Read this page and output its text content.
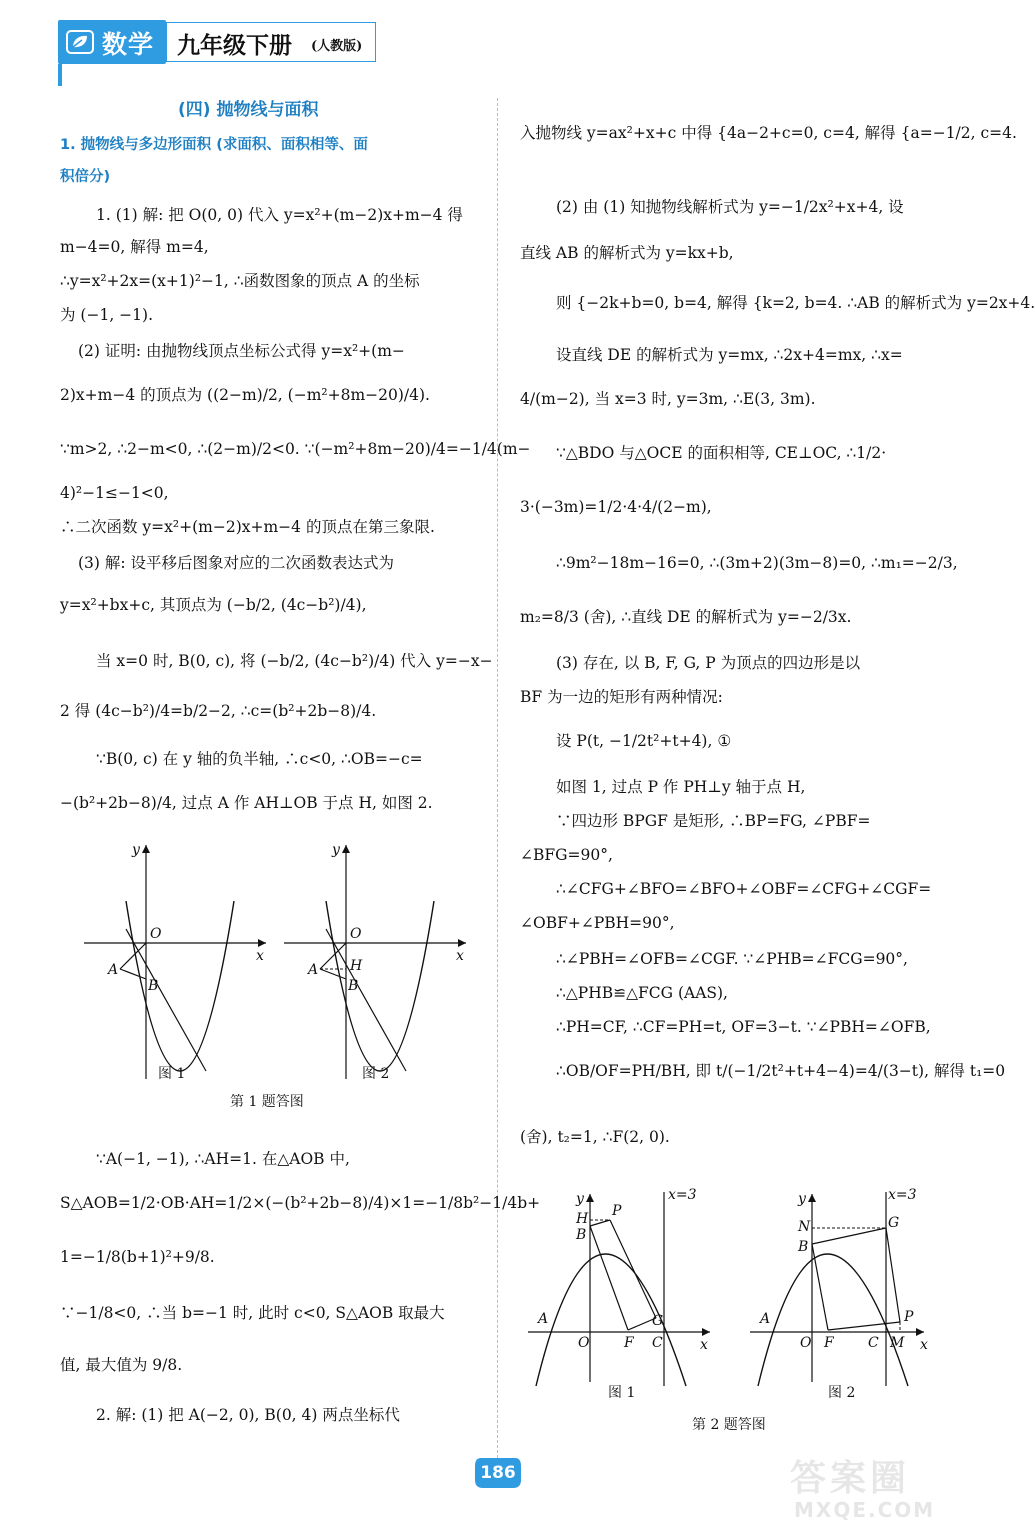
数学 九年级下册 (人教版)
(四) 抛物线与面积
1. 抛物线与多边形面积 (求面积、面积相等、面
积倍分)
1. (1) 解: 把 O(0, 0) 代入 y=x²+(m−2)x+m−4 得
m−4=0, 解得 m=4,
∴y=x²+2x=(x+1)²−1, ∴函数图象的顶点 A 的坐标
为 (−1, −1).
(2) 证明: 由抛物线顶点坐标公式得 y=x²+(m−
2)x+m−4 的顶点为 ((2−m)/2, (−m²+8m−20)/4).
∵m>2, ∴2−m<0, ∴(2−m)/2<0. ∵(−m²+8m−20)/4=−1/4(m−
4)²−1≤−1<0,
∴二次函数 y=x²+(m−2)x+m−4 的顶点在第三象限.
(3) 解: 设平移后图象对应的二次函数表达式为
y=x²+bx+c, 其顶点为 (−b/2, (4c−b²)/4),
当 x=0 时, B(0, c), 将 (−b/2, (4c−b²)/4) 代入 y=−x−
2 得 (4c−b²)/4=b/2−2, ∴c=(b²+2b−8)/4.
∵B(0, c) 在 y 轴的负半轴, ∴c<0, ∴OB=−c=
−(b²+2b−8)/4, 过点 A 作 AH⊥OB 于点 H, 如图 2.
y
x
O
A
B
y
x
O
A H
B
图 1	图 2
第 1 题答图
∵A(−1, −1), ∴AH=1. 在△AOB 中,
S△AOB=1/2·OB·AH=1/2×(−(b²+2b−8)/4)×1=−1/8b²−1/4b+
1=−1/8(b+1)²+9/8.
∵−1/8<0, ∴当 b=−1 时, 此时 c<0, S△AOB 取最大
值, 最大值为 9/8.
2. 解: (1) 把 A(−2, 0), B(0, 4) 两点坐标代
入抛物线 y=ax²+x+c 中得 {4a−2+c=0, c=4, 解得 {a=−1/2, c=4.
(2) 由 (1) 知抛物线解析式为 y=−1/2x²+x+4, 设
直线 AB 的解析式为 y=kx+b,
则 {−2k+b=0, b=4, 解得 {k=2, b=4. ∴AB 的解析式为 y=2x+4.
设直线 DE 的解析式为 y=mx, ∴2x+4=mx, ∴x=
4/(m−2), 当 x=3 时, y=3m, ∴E(3, 3m).
∵△BDO 与△OCE 的面积相等, CE⊥OC, ∴1/2·
3·(−3m)=1/2·4·4/(2−m),
∴9m²−18m−16=0, ∴(3m+2)(3m−8)=0, ∴m₁=−2/3,
m₂=8/3 (舍), ∴直线 DE 的解析式为 y=−2/3x.
(3) 存在, 以 B, F, G, P 为顶点的四边形是以
BF 为一边的矩形有两种情况:
设 P(t, −1/2t²+t+4), ①
如图 1, 过点 P 作 PH⊥y 轴于点 H,
∵四边形 BPGF 是矩形, ∴BP=FG, ∠PBF=
∠BFG=90°,
∴∠CFG+∠BFO=∠BFO+∠OBF=∠CFG+∠CGF=
∠OBF+∠PBH=90°,
∴∠PBH=∠OFB=∠CGF. ∵∠PHB=∠FCG=90°,
∴△PHB≌△FCG (AAS),
∴PH=CF, ∴CF=PH=t, OF=3−t. ∵∠PBH=∠OFB,
∴OB/OF=PH/BH, 即 t/(−1/2t²+t+4−4)=4/(3−t), 解得 t₁=0
(舍), t₂=1, ∴F(2, 0).
y
x
x=3
H
B
P
A
O F C
G
y
x
x=3
N
B
G
A
O F C M
P
图 1	图 2
第 2 题答图
186	答案圈
MXQE.COM
